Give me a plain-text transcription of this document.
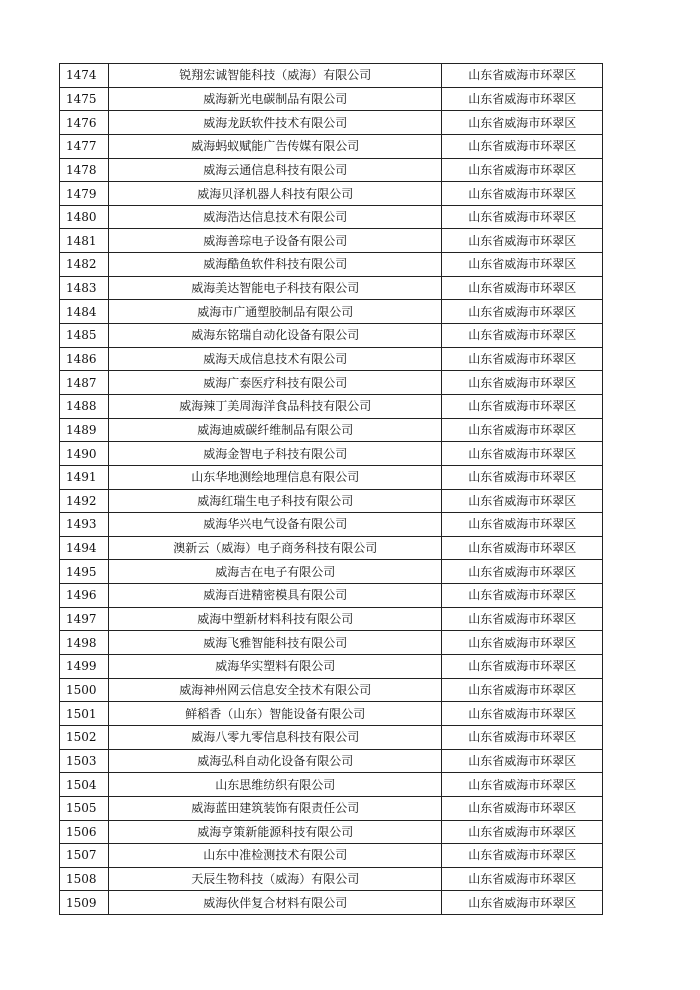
1474	锐翔宏诚智能科技（威海）有限公司	山东省威海市环翠区
1475	威海新光电碳制品有限公司	山东省威海市环翠区
1476	威海龙跃软件技术有限公司	山东省威海市环翠区
1477	威海蚂蚁赋能广告传媒有限公司	山东省威海市环翠区
1478	威海云通信息科技有限公司	山东省威海市环翠区
1479	威海贝泽机器人科技有限公司	山东省威海市环翠区
1480	威海浩达信息技术有限公司	山东省威海市环翠区
1481	威海善琮电子设备有限公司	山东省威海市环翠区
1482	威海酷鱼软件科技有限公司	山东省威海市环翠区
1483	威海美达智能电子科技有限公司	山东省威海市环翠区
1484	威海市广通塑胶制品有限公司	山东省威海市环翠区
1485	威海东铭瑞自动化设备有限公司	山东省威海市环翠区
1486	威海天成信息技术有限公司	山东省威海市环翠区
1487	威海广泰医疗科技有限公司	山东省威海市环翠区
1488	威海辣丁美周海洋食品科技有限公司	山东省威海市环翠区
1489	威海迪威碳纤维制品有限公司	山东省威海市环翠区
1490	威海金智电子科技有限公司	山东省威海市环翠区
1491	山东华地测绘地理信息有限公司	山东省威海市环翠区
1492	威海红瑞生电子科技有限公司	山东省威海市环翠区
1493	威海华兴电气设备有限公司	山东省威海市环翠区
1494	澳新云（威海）电子商务科技有限公司	山东省威海市环翠区
1495	威海吉在电子有限公司	山东省威海市环翠区
1496	威海百进精密模具有限公司	山东省威海市环翠区
1497	威海中塑新材料科技有限公司	山东省威海市环翠区
1498	威海飞雅智能科技有限公司	山东省威海市环翠区
1499	威海华实塑料有限公司	山东省威海市环翠区
1500	威海神州网云信息安全技术有限公司	山东省威海市环翠区
1501	鲜稻香（山东）智能设备有限公司	山东省威海市环翠区
1502	威海八零九零信息科技有限公司	山东省威海市环翠区
1503	威海弘科自动化设备有限公司	山东省威海市环翠区
1504	山东思维纺织有限公司	山东省威海市环翠区
1505	威海蓝田建筑装饰有限责任公司	山东省威海市环翠区
1506	威海亨策新能源科技有限公司	山东省威海市环翠区
1507	山东中准检测技术有限公司	山东省威海市环翠区
1508	天辰生物科技（威海）有限公司	山东省威海市环翠区
1509	威海伙伴复合材料有限公司	山东省威海市环翠区
